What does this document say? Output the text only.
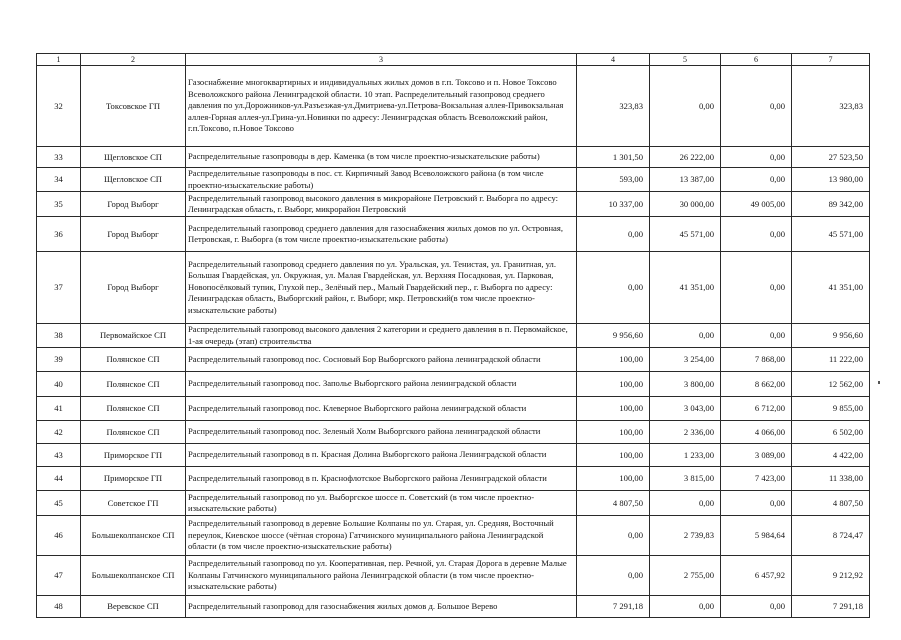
1	2	3	4	5	6	7
32	Токсовское ГП	Газоснабжение многоквартирных и индивидуальных жилых домов в г.п. Токсово и п. Новое Токсово Всеволожского района Ленинградской области. 10 этап. Распределительный газопровод среднего давления по ул.Дорожников-ул.Разъезжая-ул.Дмитриева-ул.Петрова-Вокзальная аллея-Привокзальная аллея-Горная аллея-ул.Грина-ул.Новинки по адресу: Ленинградская область Всеволожский район, г.п.Токсово, п.Новое Токсово	323,83	0,00	0,00	323,83
33	Щегловское СП	Распределительные газопроводы в дер. Каменка (в том числе проектно-изыскательские работы)	1 301,50	26 222,00	0,00	27 523,50
34	Щегловское СП	Распределительные газопроводы в пос. ст. Кирпичный Завод Всеволожского района (в том числе проектно-изыскательские работы)	593,00	13 387,00	0,00	13 980,00
35	Город Выборг	Распределительный газопровод высокого давления в микрорайоне Петровский г. Выборга по адресу: Ленинградская область, г. Выборг, микрорайон Петровский	10 337,00	30 000,00	49 005,00	89 342,00
36	Город Выборг	Распределительный газопровод среднего давления для газоснабжения жилых домов по ул. Островная, Петровская, г. Выборга (в том числе проектно-изыскательские работы)	0,00	45 571,00	0,00	45 571,00
37	Город Выборг	Распределительный газопровод среднего давления по ул. Уральская, ул. Тенистая, ул. Гранитная, ул. Большая Гвардейская, ул. Окружная, ул. Малая Гвардейская, ул. Верхняя Посадковая, ул. Парковая, Новопосёлковый тупик, Глухой пер., Зелёный пер., Малый Гвардейский пер., г. Выборга по адресу: Ленинградская область, Выборгский район, г. Выборг, мкр. Петровский(в том числе проектно-изыскательские работы)	0,00	41 351,00	0,00	41 351,00
38	Первомайское СП	Распределительный газопровод высокого давления 2 категории и среднего давления в п. Первомайское, 1-ая очередь (этап) строительства	9 956,60	0,00	0,00	9 956,60
39	Полянское СП	Распределительный газопровод пос. Сосновый Бор Выборгского района ленинградской области	100,00	3 254,00	7 868,00	11 222,00
40	Полянское СП	Распределительный газопровод пос. Заполье Выборгского района ленинградской области	100,00	3 800,00	8 662,00	12 562,00
41	Полянское СП	Распределительный газопровод пос. Клеверное Выборгского района ленинградской области	100,00	3 043,00	6 712,00	9 855,00
42	Полянское СП	Распределительный газопровод пос. Зеленый Холм Выборгского района ленинградской области	100,00	2 336,00	4 066,00	6 502,00
43	Приморское ГП	Распределительный газопровод в п. Красная Долина Выборгского района Ленинградской области	100,00	1 233,00	3 089,00	4 422,00
44	Приморское ГП	Распределительный газопровод в п. Краснофлотское Выборгского района Ленинградской области	100,00	3 815,00	7 423,00	11 338,00
45	Советское ГП	Распределительный газопровод по ул. Выборгское шоссе п. Советский (в том числе проектно-изыскательские работы)	4 807,50	0,00	0,00	4 807,50
46	Большеколпанское СП	Распределительный газопровод в деревне Большие Колпаны по ул. Старая, ул. Средняя, Восточный переулок, Киевское шоссе (чётная сторона) Гатчинского муниципального района Ленинградской области (в том числе проектно-изыскательские работы)	0,00	2 739,83	5 984,64	8 724,47
47	Большеколпанское СП	Распределительный газопровод по ул. Кооперативная, пер. Речной, ул. Старая Дорога в деревне Малые Колпаны Гатчинского муниципального района Ленинградской области (в том числе проектно-изыскательские работы)	0,00	2 755,00	6 457,92	9 212,92
48	Веревское СП	Распределительный газопровод для газоснабжения жилых домов д. Большое Верево	7 291,18	0,00	0,00	7 291,18
